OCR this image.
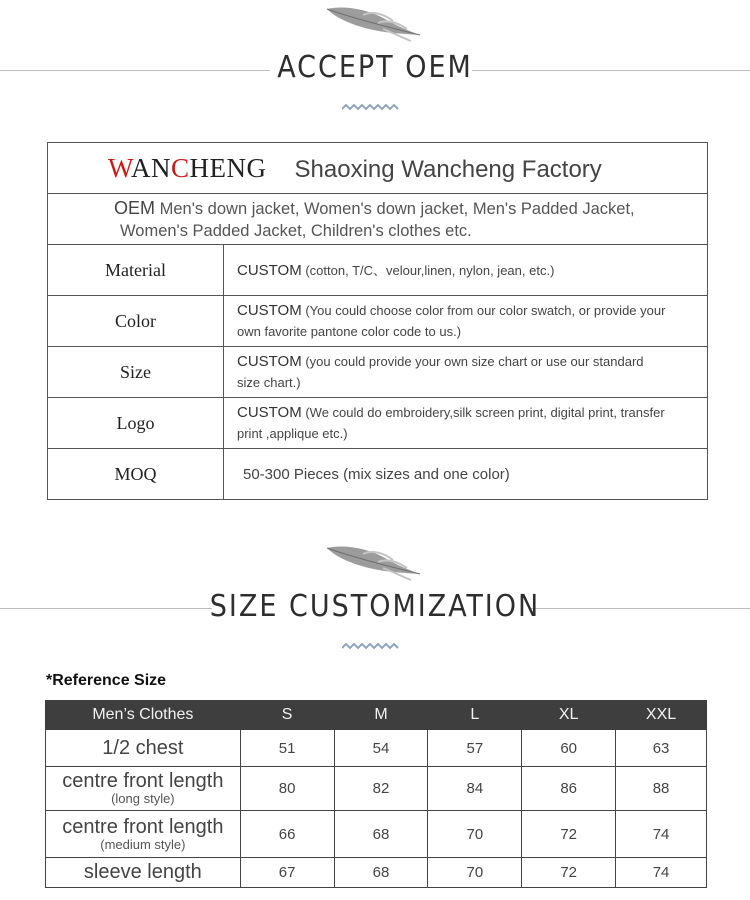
ACCEPT OEM
WANCHENG Shaoxing Wancheng Factory	

OEM Men's down jacket, Women's down jacket, Men's Padded Jacket,
Women's Padded Jacket, Children's clothes etc.	

Material	CUSTOM (cotton, T/C、velour,linen, nylon, jean, etc.)
Color	CUSTOM (You could choose color from our color swatch, or provide your
own favorite pantone color code to us.)
Size	CUSTOM (you could provide your own size chart or use our standard
size chart.)
Logo	CUSTOM (We could do embroidery,silk screen print, digital print, transfer
print ,applique etc.)
MOQ	50-300 Pieces (mix sizes and one color)
SIZE CUSTOMIZATION
*Reference Size
Men’s Clothes	S	M	L	XL	XXL
1/2 chest	51	54	57	60	63
centre front length
(long style)	80	82	84	86	88
centre front length
(medium style)	66	68	70	72	74
sleeve length	67	68	70	72	74
